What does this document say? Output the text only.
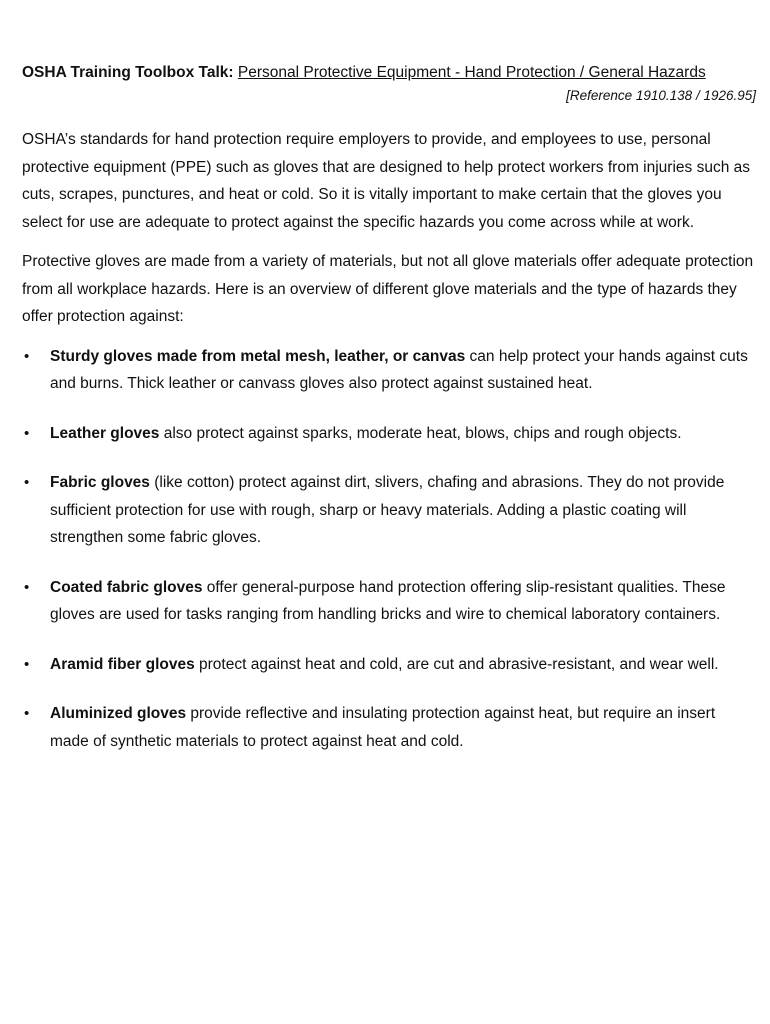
OSHA Training Toolbox Talk: Personal Protective Equipment - Hand Protection / General Hazards
[Reference 1910.138 / 1926.95]

OSHA’s standards for hand protection require employers to provide, and employees to use, personal protective equipment (PPE) such as gloves that are designed to help protect workers from injuries such as cuts, scrapes, punctures, and heat or cold. So it is vitally important to make certain that the gloves you select for use are adequate to protect against the specific hazards you come across while at work.

Protective gloves are made from a variety of materials, but not all glove materials offer adequate protection from all workplace hazards. Here is an overview of different glove materials and the type of hazards they offer protection against:

• Sturdy gloves made from metal mesh, leather, or canvas can help protect your hands against cuts and burns. Thick leather or canvass gloves also protect against sustained heat.
• Leather gloves also protect against sparks, moderate heat, blows, chips and rough objects.
• Fabric gloves (like cotton) protect against dirt, slivers, chafing and abrasions. They do not provide sufficient protection for use with rough, sharp or heavy materials. Adding a plastic coating will strengthen some fabric gloves.
• Coated fabric gloves offer general-purpose hand protection offering slip-resistant qualities. These gloves are used for tasks ranging from handling bricks and wire to chemical laboratory containers.
• Aramid fiber gloves protect against heat and cold, are cut and abrasive-resistant, and wear well.
• Aluminized gloves provide reflective and insulating protection against heat, but require an insert made of synthetic materials to protect against heat and cold.
